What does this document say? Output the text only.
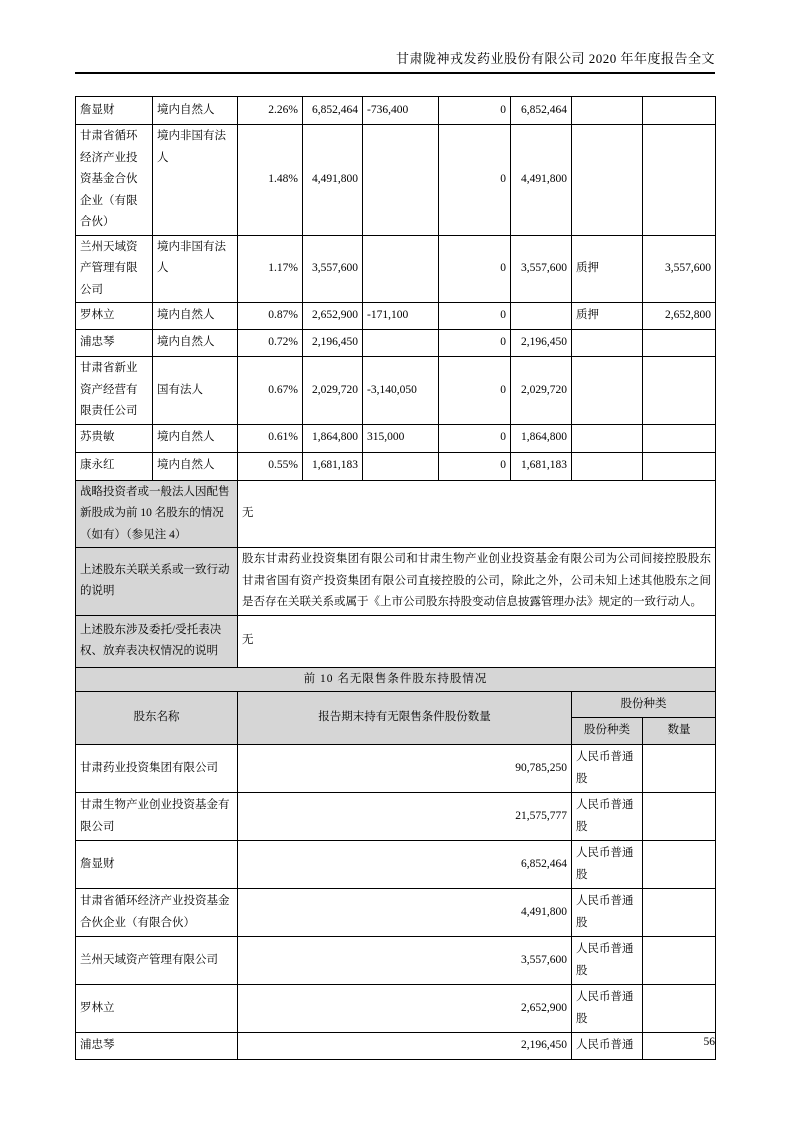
甘肃陇神戎发药业股份有限公司 2020 年年度报告全文
詹显财	境内自然人	2.26%	6,852,464	-736,400	0	6,852,464		
甘肃省循环经济产业投资基金合伙企业（有限合伙）	境内非国有法人	1.48%	4,491,800		0	4,491,800		
兰州天域资产管理有限公司	境内非国有法人	1.17%	3,557,600		0	3,557,600	质押	3,557,600
罗林立	境内自然人	0.87%	2,652,900	-171,100	0		质押	2,652,800
浦忠琴	境内自然人	0.72%	2,196,450		0	2,196,450		
甘肃省新业资产经营有限责任公司	国有法人	0.67%	2,029,720	-3,140,050	0	2,029,720		
苏贵敏	境内自然人	0.61%	1,864,800	315,000	0	1,864,800		
康永红	境内自然人	0.55%	1,681,183		0	1,681,183		
战略投资者或一般法人因配售新股成为前 10 名股东的情况（如有）（参见注 4）		无						
上述股东关联关系或一致行动的说明		股东甘肃药业投资集团有限公司和甘肃生物产业创业投资基金有限公司为公司间接控股股东甘肃省国有资产投资集团有限公司直接控股的公司，除此之外，公司未知上述其他股东之间是否存在关联关系或属于《上市公司股东持股变动信息披露管理办法》规定的一致行动人。						
上述股东涉及委托/受托表决权、放弃表决权情况的说明		无						
前 10 名无限售条件股东持股情况								
股东名称		报告期末持有无限售条件股份数量					股份种类	
							股份种类	数量
甘肃药业投资集团有限公司		90,785,250					人民币普通股	
甘肃生物产业创业投资基金有限公司		21,575,777					人民币普通股	
詹显财		6,852,464					人民币普通股	
甘肃省循环经济产业投资基金合伙企业（有限合伙）		4,491,800					人民币普通股	
兰州天域资产管理有限公司		3,557,600					人民币普通股	
罗林立		2,652,900					人民币普通股	
浦忠琴		2,196,450					人民币普通		56
